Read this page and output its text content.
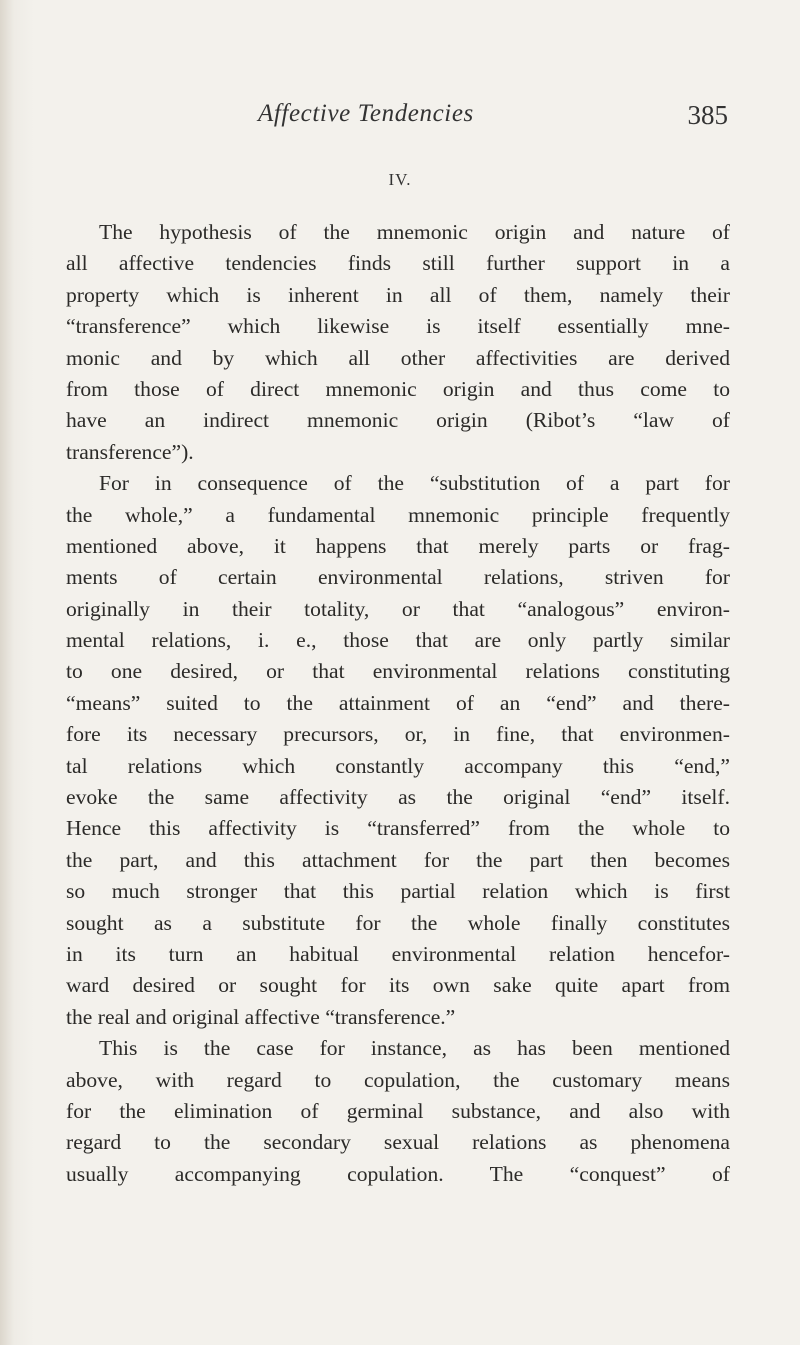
Affective Tendencies	385
IV.
The hypothesis of the mnemonic origin and nature of
all affective tendencies finds still further support in a
property which is inherent in all of them, namely their
“transference” which likewise is itself essentially mne-
monic and by which all other affectivities are derived
from those of direct mnemonic origin and thus come to
have an indirect mnemonic origin (Ribot’s “law of
transference”).
For in consequence of the “substitution of a part for
the whole,” a fundamental mnemonic principle frequently
mentioned above, it happens that merely parts or frag-
ments of certain environmental relations, striven for
originally in their totality, or that “analogous” environ-
mental relations, i. e., those that are only partly similar
to one desired, or that environmental relations constituting
“means” suited to the attainment of an “end” and there-
fore its necessary precursors, or, in fine, that environmen-
tal relations which constantly accompany this “end,”
evoke the same affectivity as the original “end” itself.
Hence this affectivity is “transferred” from the whole to
the part, and this attachment for the part then becomes
so much stronger that this partial relation which is first
sought as a substitute for the whole finally constitutes
in its turn an habitual environmental relation hencefor-
ward desired or sought for its own sake quite apart from
the real and original affective “transference.”
This is the case for instance, as has been mentioned
above, with regard to copulation, the customary means
for the elimination of germinal substance, and also with
regard to the secondary sexual relations as phenomena
usually accompanying copulation. The “conquest” of
